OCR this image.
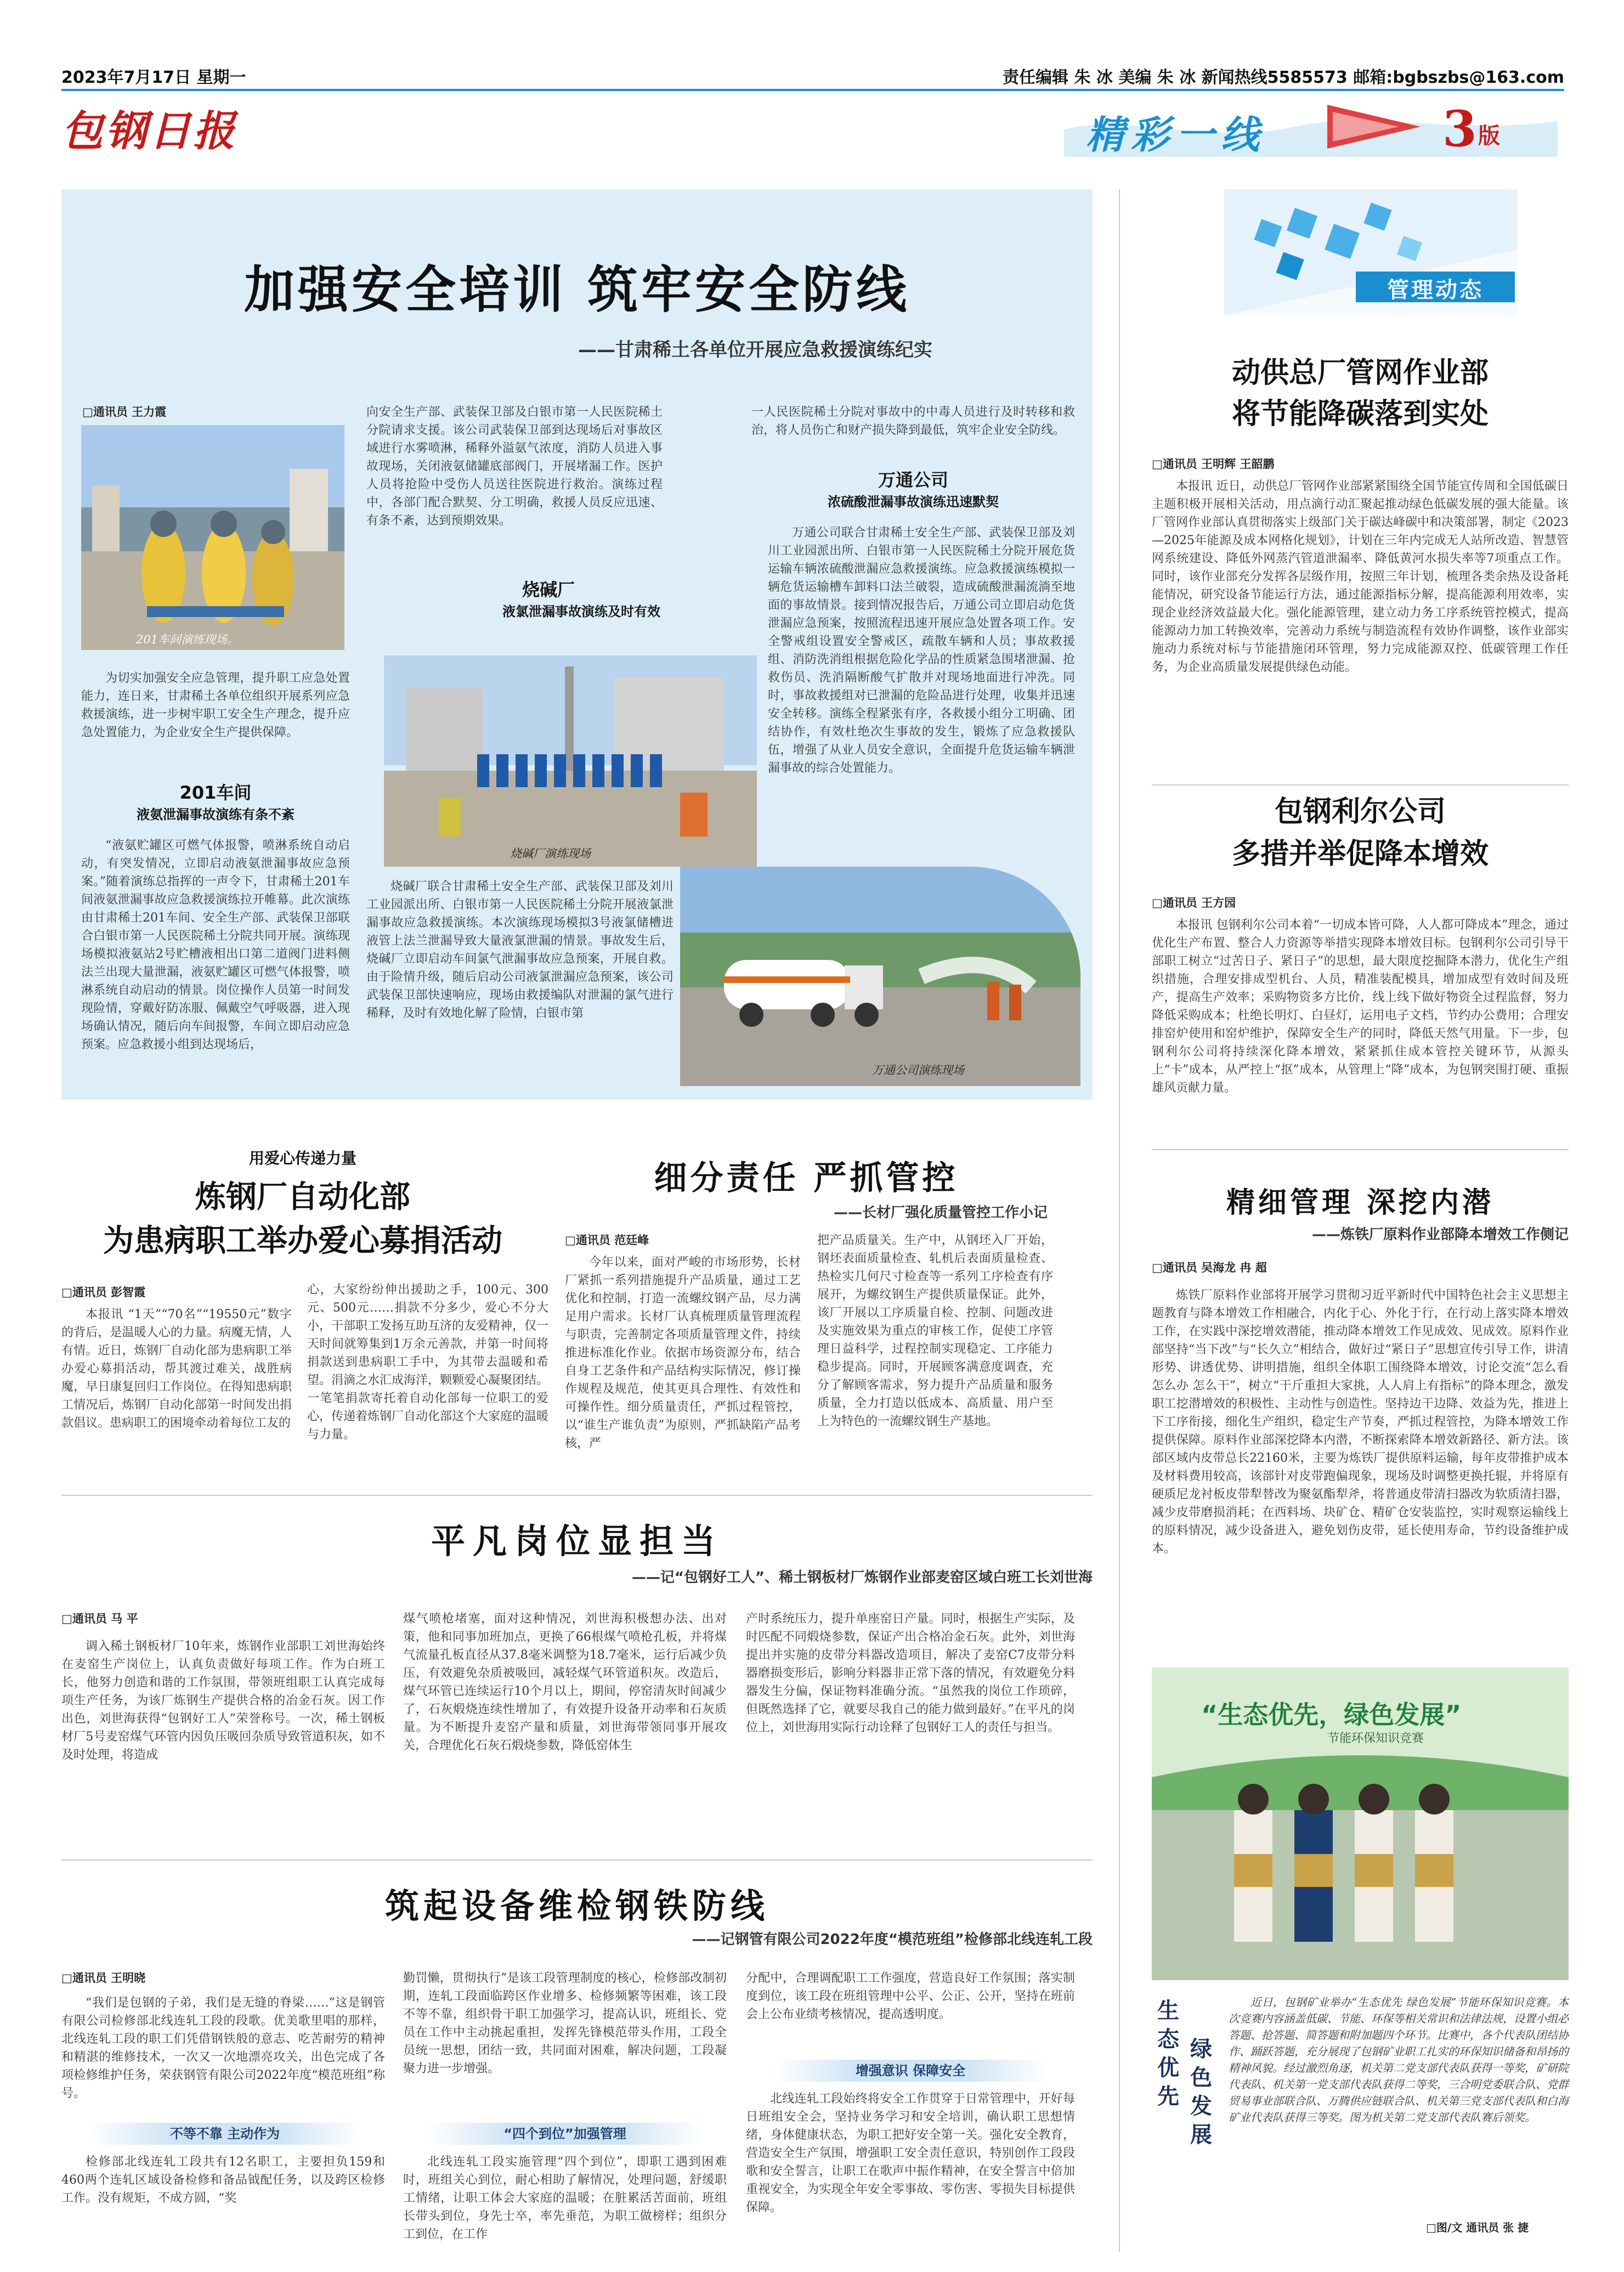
2023年7月17日 星期一	责任编辑 朱 冰 美编 朱 冰 新闻热线5585573 邮箱:bgbszbs@163.com
包钢日报	精彩一线	3 版
加强安全培训 筑牢安全防线
——甘肃稀土各单位开展应急救援演练纪实
□通讯员 王力霞
201车间演练现场。
为切实加强安全应急管理，提升职工应急处置能力，连日来，甘肃稀土各单位组织开展系列应急救援演练，进一步树牢职工安全生产理念，提升应急处置能力，为企业安全生产提供保障。
201车间
液氨泄漏事故演练有条不紊
“液氨贮罐区可燃气体报警，喷淋系统自动启动，有突发情况，立即启动液氨泄漏事故应急预案。”随着演练总指挥的一声令下，甘肃稀土201车间液氨泄漏事故应急救援演练拉开帷幕。此次演练由甘肃稀土201车间、安全生产部、武装保卫部联合白银市第一人民医院稀土分院共同开展。演练现场模拟液氨站2号贮槽液相出口第二道阀门进料侧法兰出现大量泄漏，液氨贮罐区可燃气体报警，喷淋系统自动启动的情景。岗位操作人员第一时间发现险情，穿戴好防冻服、佩戴空气呼吸器，进入现场确认情况，随后向车间报警，车间立即启动应急预案。应急救援小组到达现场后，
向安全生产部、武装保卫部及白银市第一人民医院稀土分院请求支援。该公司武装保卫部到达现场后对事故区域进行水雾喷淋，稀释外溢氨气浓度，消防人员进入事故现场，关闭液氨储罐底部阀门，开展堵漏工作。医护人员将抢险中受伤人员送往医院进行救治。演练过程中，各部门配合默契、分工明确，救援人员反应迅速、有条不紊，达到预期效果。
烧碱厂
液氯泄漏事故演练及时有效
烧碱厂演练现场
烧碱厂联合甘肃稀土安全生产部、武装保卫部及刘川工业园派出所、白银市第一人民医院稀土分院开展液氯泄漏事故应急救援演练。本次演练现场模拟3号液氯储槽进液管上法兰泄漏导致大量液氯泄漏的情景。事故发生后，烧碱厂立即启动车间氯气泄漏事故应急预案，开展自救。由于险情升级，随后启动公司液氯泄漏应急预案，该公司武装保卫部快速响应，现场由救援编队对泄漏的氯气进行稀释，及时有效地化解了险情，白银市第
一人民医院稀土分院对事故中的中毒人员进行及时转移和救治，将人员伤亡和财产损失降到最低，筑牢企业安全防线。
万通公司
浓硫酸泄漏事故演练迅速默契
万通公司联合甘肃稀土安全生产部、武装保卫部及刘川工业园派出所、白银市第一人民医院稀土分院开展危货运输车辆浓硫酸泄漏应急救援演练。应急救援演练模拟一辆危货运输槽车卸料口法兰破裂，造成硫酸泄漏流淌至地面的事故情景。接到情况报告后，万通公司立即启动危货泄漏应急预案，按照流程迅速开展应急处置各项工作。安全警戒组设置安全警戒区，疏散车辆和人员；事故救援组、消防洗消组根据危险化学品的性质紧急围堵泄漏、抢救伤员、洗消隔断酸气扩散并对现场地面进行冲洗。同时，事故救援组对已泄漏的危险品进行处理，收集并迅速安全转移。演练全程紧张有序，各救援小组分工明确、团结协作，有效杜绝次生事故的发生，锻炼了应急救援队伍，增强了从业人员安全意识，全面提升危货运输车辆泄漏事故的综合处置能力。
万通公司演练现场
管理动态
动供总厂管网作业部
将节能降碳落到实处
□通讯员 王明辉 王韶鹏
本报讯 近日，动供总厂管网作业部紧紧围绕全国节能宣传周和全国低碳日主题积极开展相关活动，用点滴行动汇聚起推动绿色低碳发展的强大能量。该厂管网作业部认真贯彻落实上级部门关于碳达峰碳中和决策部署，制定《2023—2025年能源及成本网格化规划》，计划在三年内完成无人站所改造、智慧管网系统建设、降低外网蒸汽管道泄漏率、降低黄河水损失率等7项重点工作。同时，该作业部充分发挥各层级作用，按照三年计划，梳理各类余热及设备耗能情况，研究设备节能运行方法，通过能源指标分解，提高能源利用效率，实现企业经济效益最大化。强化能源管理，建立动力务工序系统管控模式，提高能源动力加工转换效率，完善动力系统与制造流程有效协作调整，该作业部实施动力系统对标与节能措施闭环管理，努力完成能源双控、低碳管理工作任务，为企业高质量发展提供绿色动能。
包钢利尔公司
多措并举促降本增效
□通讯员 王方园
本报讯 包钢利尔公司本着“一切成本皆可降，人人都可降成本”理念，通过优化生产布置、整合人力资源等举措实现降本增效目标。包钢利尔公司引导干部职工树立“过苦日子、紧日子”的思想，最大限度挖掘降本潜力，优化生产组织措施，合理安排成型机台、人员，精准装配模具，增加成型有效时间及班产，提高生产效率；采购物资多方比价，线上线下做好物资全过程监督，努力降低采购成本；杜绝长明灯、白昼灯，运用电子文档，节约办公费用；合理安排窑炉使用和窑炉维护，保障安全生产的同时，降低天然气用量。下一步，包钢利尔公司将持续深化降本增效，紧紧抓住成本管控关键环节，从源头上“卡”成本，从严控上“抠”成本，从管理上“降”成本，为包钢突围打硬、重振雄风贡献力量。
精细管理 深挖内潜
——炼铁厂原料作业部降本增效工作侧记
□通讯员 吴海龙 冉 超
炼铁厂原料作业部将开展学习贯彻习近平新时代中国特色社会主义思想主题教育与降本增效工作相融合，内化于心、外化于行，在行动上落实降本增效工作，在实践中深挖增效潜能，推动降本增效工作见成效、见成效。原料作业部坚持“当下改”与“长久立”相结合，做好过“紧日子”思想宣传引导工作，讲清形势、讲透优势、讲明措施，组织全体职工围绕降本增效，讨论交流“怎么看 怎么办 怎么干”，树立“干斤重担大家挑，人人肩上有指标”的降本理念，激发职工挖潜增效的积极性、主动性与创造性。坚持边干边降、效益为先，推进上下工序衔接，细化生产组织，稳定生产节奏，严抓过程管控，为降本增效工作提供保障。原料作业部深挖降本内潜，不断探索降本增效新路径、新方法。该部区域内皮带总长22160米，主要为炼铁厂提供原料运输，每年皮带推护成本及材料费用较高，该部针对皮带跑偏现象，现场及时调整更换托辊，并将原有硬质尼龙衬板皮带犁替改为聚氨酯犁斧，将普通皮带清扫器改为软质清扫器，减少皮带磨损消耗；在西料场、块矿仓、精矿仓安装监控，实时观察运输线上的原料情况，减少设备进入，避免划伤皮带，延长使用寿命，节约设备维护成本。
“生态优先，绿色发展”
节能环保知识竞赛
生态优先
绿色发展
近日，包钢矿业举办“生态优先 绿色发展”节能环保知识竞赛。本次竞赛内容涵盖低碳、节能、环保等相关常识和法律法规，设置小组必答题、抢答题、简答题和附加题四个环节。比赛中，各个代表队团结协作、踊跃答题，充分展现了包钢矿业职工扎实的环保知识储备和昂扬的精神风貌。经过激烈角逐，机关第二党支部代表队获得一等奖，矿研院代表队、机关第一党支部代表队获得二等奖，三合明党委联合队、党群贸易事业部联合队、万腾供应链联合队、机关第三党支部代表队和白海矿业代表队获得三等奖。图为机关第二党支部代表队赛后领奖。
□图/文 通讯员 张 捷
用爱心传递力量
炼钢厂自动化部
为患病职工举办爱心募捐活动
□通讯员 彭智霞
本报讯 “1天”“70名”“19550元”数字的背后，是温暖人心的力量。病魔无情，人有情。近日，炼钢厂自动化部为患病职工举办爱心募捐活动，帮其渡过难关，战胜病魔，早日康复回归工作岗位。在得知患病职工情况后，炼钢厂自动化部第一时间发出捐款倡议。患病职工的困境牵动着每位工友的
心，大家纷纷伸出援助之手，100元、300元、500元……捐款不分多少，爱心不分大小，干部职工发扬互助互济的友爱精神，仅一天时间就筹集到1万余元善款，并第一时间将捐款送到患病职工手中，为其带去温暖和希望。涓滴之水汇成海洋，颗颗爱心凝聚团结。一笔笔捐款寄托着自动化部每一位职工的爱心，传递着炼钢厂自动化部这个大家庭的温暖与力量。
细分责任 严抓管控
——长材厂强化质量管控工作小记
□通讯员 范廷峰
今年以来，面对严峻的市场形势，长材厂紧抓一系列措施提升产品质量，通过工艺优化和控制，打造一流螺纹钢产品，尽力满足用户需求。长材厂认真梳理质量管理流程与职责，完善制定各项质量管理文件，持续推进标准化作业。依据市场资源分布，结合自身工艺条件和产品结构实际情况，修订操作规程及规范，使其更具合理性、有效性和可操作性。细分质量责任，严抓过程管控，以“谁生产谁负责”为原则，严抓缺陷产品考核，严
把产品质量关。生产中，从钢坯入厂开始，钢坯表面质量检查、轧机后表面质量检查、热检实几何尺寸检查等一系列工序检查有序展开，为螺纹钢生产提供质量保证。此外，该厂开展以工序质量自检、控制、问题改进及实施效果为重点的审核工作，促使工序管理日益科学，过程控制实现稳定、工序能力稳步提高。同时，开展顾客满意度调查，充分了解顾客需求，努力提升产品质量和服务质量，全力打造以低成本、高质量、用户至上为特色的一流螺纹钢生产基地。
平凡岗位显担当
——记“包钢好工人”、稀土钢板材厂炼钢作业部麦窑区域白班工长刘世海
□通讯员 马 平
调入稀土钢板材厂10年来，炼钢作业部职工刘世海始终在麦窑生产岗位上，认真负责做好每项工作。作为白班工长，他努力创造和谐的工作氛围，带领班组职工认真完成每项生产任务，为该厂炼钢生产提供合格的冶金石灰。因工作出色，刘世海获得“包钢好工人”荣誉称号。一次，稀土钢板材厂5号麦窑煤气环管内因负压吸回杂质导致管道积灰，如不及时处理，将造成
煤气喷枪堵塞，面对这种情况，刘世海积极想办法、出对策，他和同事加班加点，更换了66根煤气喷枪孔板，并将煤气流量孔板直径从37.8毫米调整为18.7毫米，运行后减少负压，有效避免杂质被吸回，减轻煤气环管道积灰。改造后，煤气环管已连续运行10个月以上，期间，停窑清灰时间减少了，石灰煅烧连续性增加了，有效提升设备开动率和石灰质量。为不断提升麦窑产量和质量，刘世海带领同事开展攻关，合理优化石灰石煅烧参数，降低窑体生
产时系统压力，提升单座窑日产量。同时，根据生产实际，及时匹配不同煅烧参数，保证产出合格冶金石灰。此外，刘世海提出并实施的皮带分料器改造项目，解决了麦窑C7皮带分料器磨损变形后，影响分料器非正常下落的情况，有效避免分料器发生分偏，保证物料准确分流。“虽然我的岗位工作琐碎，但既然选择了它，就要尽我自己的能力做到最好。”在平凡的岗位上，刘世海用实际行动诠释了包钢好工人的责任与担当。
筑起设备维检钢铁防线
——记钢管有限公司2022年度“模范班组”检修部北线连轧工段
□通讯员 王明晓
“我们是包钢的子弟，我们是无缝的脊梁……”这是钢管有限公司检修部北线连轧工段的段歌。优美歌里唱的那样，北线连轧工段的职工们凭借钢铁般的意志、吃苦耐劳的精神和精湛的维修技术，一次又一次地漂亮攻关，出色完成了各项检修维护任务，荣获钢管有限公司2022年度“模范班组”称号。
不等不靠 主动作为
检修部北线连轧工段共有12名职工，主要担负159和460两个连轧区域设备检修和备品钺配任务，以及跨区检修工作。没有规矩，不成方圆，“奖
勤罚懒，贯彻执行”是该工段管理制度的核心，检修部改制初期，连轧工段面临跨区作业增多、检修频繁等困难，该工段不等不靠，组织骨干职工加强学习，提高认识，班组长、党员在工作中主动挑起重担，发挥先锋模范带头作用，工段全员统一思想，团结一致，共同面对困难，解决问题，工段凝聚力进一步增强。
“四个到位”加强管理
北线连轧工段实施管理“四个到位”，即职工遇到困难时，班组关心到位，耐心相助了解情况，处理问题，舒缓职工情绪，让职工体会大家庭的温暖；在脏累活苦面前，班组长带头到位，身先士卒，率先垂范，为职工做榜样；组织分工到位，在工作
分配中，合理调配职工工作强度，营造良好工作氛围；落实制度到位，该工段在班组管理中公平、公正、公开，坚持在班前会上公布业绩考核情况，提高透明度。
增强意识 保障安全
北线连轧工段始终将安全工作贯穿于日常管理中，开好每日班组安全会，坚持业务学习和安全培训，确认职工思想情绪，身体健康状态，为职工把好安全第一关。强化安全教育，营造安全生产氛围，增强职工安全责任意识，特别创作工段段歌和安全誓言，让职工在歌声中振作精神，在安全誓言中倍加重视安全，为实现全年安全零事故、零伤害、零损失目标提供保障。
